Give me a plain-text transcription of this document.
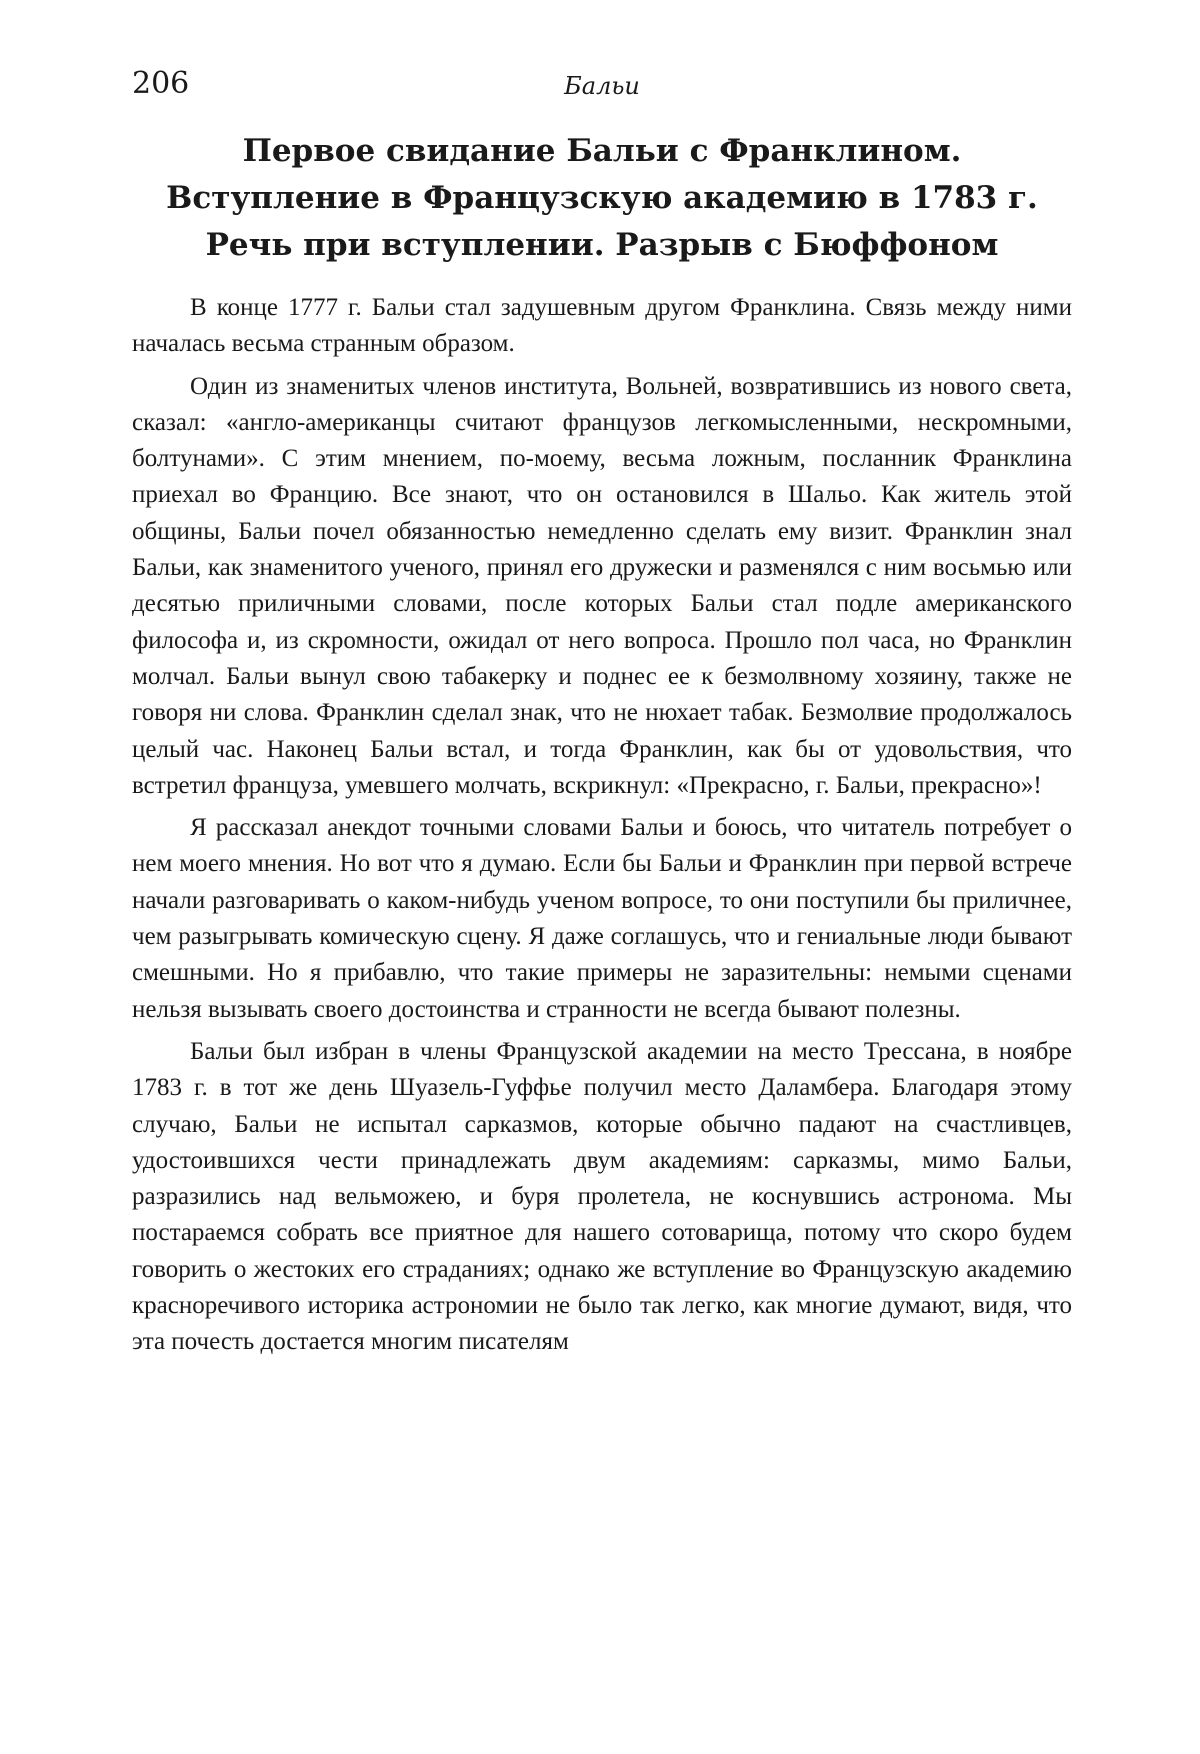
206	Бальи
Первое свидание Бальи с Франклином.
Вступление в Французскую академию в 1783 г.
Речь при вступлении. Разрыв с Бюффоном

В конце 1777 г. Бальи стал задушевным другом Франклина. Связь между ними началась весьма странным образом.

Один из знаменитых членов института, Вольней, возвратившись из нового света, сказал: «англо-американцы считают французов легкомысленными, нескромными, болтунами». С этим мнением, по-моему, весьма ложным, посланник Франклина приехал во Францию. Все знают, что он остановился в Шальо. Как житель этой общины, Бальи почел обязанностью немедленно сделать ему визит. Франклин знал Бальи, как знаменитого ученого, принял его дружески и разменялся с ним восьмью или десятью приличными словами, после которых Бальи стал подле американского философа и, из скромности, ожидал от него вопроса. Прошло пол часа, но Франклин молчал. Бальи вынул свою табакерку и поднес ее к безмолвному хозяину, также не говоря ни слова. Франклин сделал знак, что не нюхает табак. Безмолвие продолжалось целый час. Наконец Бальи встал, и тогда Франклин, как бы от удовольствия, что встретил француза, умевшего молчать, вскрикнул: «Прекрасно, г. Бальи, прекрасно»!

Я рассказал анекдот точными словами Бальи и боюсь, что читатель потребует о нем моего мнения. Но вот что я думаю. Если бы Бальи и Франклин при первой встрече начали разговаривать о каком-нибудь ученом вопросе, то они поступили бы приличнее, чем разыгрывать комическую сцену. Я даже соглашусь, что и гениальные люди бывают смешными. Но я прибавлю, что такие примеры не заразительны: немыми сценами нельзя вызывать своего достоинства и странности не всегда бывают полезны.

Бальи был избран в члены Французской академии на место Трессана, в ноябре 1783 г. в тот же день Шуазель-Гуффье получил место Даламбера. Благодаря этому случаю, Бальи не испытал сарказмов, которые обычно падают на счастливцев, удостоившихся чести принадлежать двум академиям: сарказмы, мимо Бальи, разразились над вельможею, и буря пролетела, не коснувшись астронома. Мы постараемся собрать все приятное для нашего сотоварища, потому что скоро будем говорить о жестоких его страданиях; однако же вступление во Французскую академию красноречивого историка астрономии не было так легко, как многие думают, видя, что эта почесть достается многим писателям
